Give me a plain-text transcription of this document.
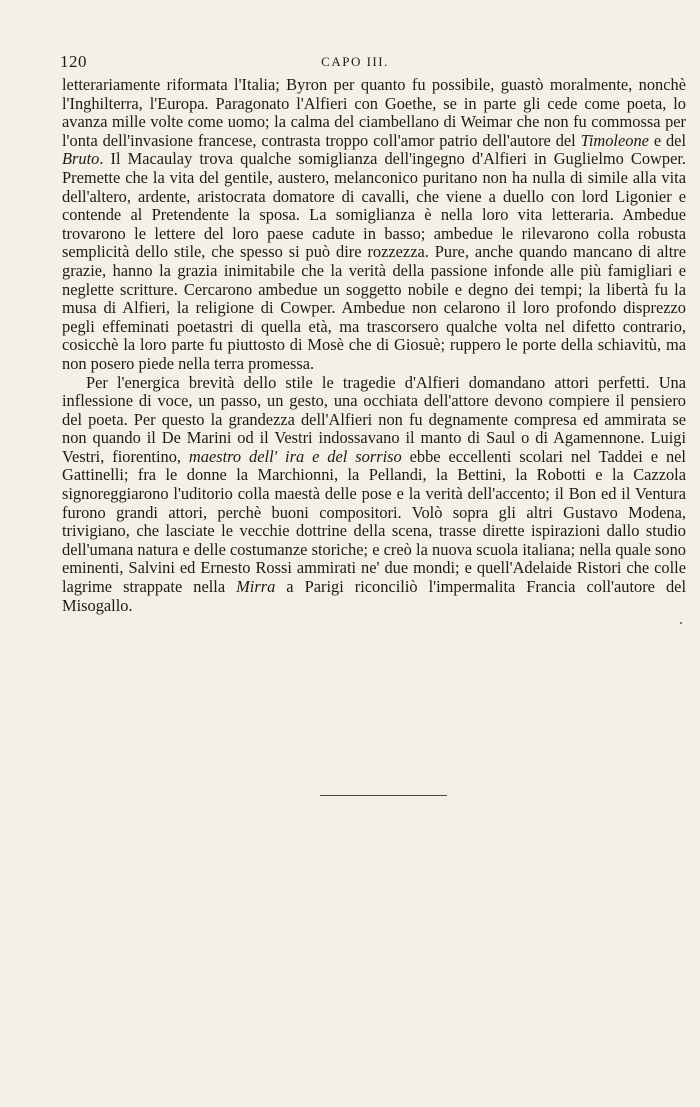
120	CAPO III.

letterariamente riformata l'Italia; Byron per quanto fu possibile, guastò moralmente, nonchè l'Inghilterra, l'Europa. Paragonato l'Alfieri con Goethe, se in parte gli cede come poeta, lo avanza mille volte come uomo; la calma del ciambellano di Weimar che non fu commossa per l'onta dell'invasione francese, contrasta troppo coll'amor patrio dell'autore del Timoleone e del Bruto. Il Macaulay trova qualche somiglianza dell'ingegno d'Alfieri in Guglielmo Cowper. Premette che la vita del gentile, austero, melanconico puritano non ha nulla di simile alla vita dell'altero, ardente, aristocrata domatore di cavalli, che viene a duello con lord Ligonier e contende al Pretendente la sposa. La somiglianza è nella loro vita letteraria. Ambedue trovarono le lettere del loro paese cadute in basso; ambedue le rilevarono colla robusta semplicità dello stile, che spesso si può dire rozzezza. Pure, anche quando mancano di altre grazie, hanno la grazia inimitabile che la verità della passione infonde alle più famigliari e neglette scritture. Cercarono ambedue un soggetto nobile e degno dei tempi; la libertà fu la musa di Alfieri, la religione di Cowper. Ambedue non celarono il loro profondo disprezzo pegli effeminati poetastri di quella età, ma trascorsero qualche volta nel difetto contrario, cosicchè la loro parte fu piuttosto di Mosè che di Giosuè; ruppero le porte della schiavitù, ma non posero piede nella terra promessa.

Per l'energica brevità dello stile le tragedie d'Alfieri domandano attori perfetti. Una inflessione di voce, un passo, un gesto, una occhiata dell'attore devono compiere il pensiero del poeta. Per questo la grandezza dell'Alfieri non fu degnamente compresa ed ammirata se non quando il De Marini od il Vestri indossavano il manto di Saul o di Agamennone. Luigi Vestri, fiorentino, maestro dell' ira e del sorriso ebbe eccellenti scolari nel Taddei e nel Gattinelli; fra le donne la Marchionni, la Pellandi, la Bettini, la Robotti e la Cazzola signoreggiarono l'uditorio colla maestà delle pose e la verità dell'accento; il Bon ed il Ventura furono grandi attori, perchè buoni compositori. Volò sopra gli altri Gustavo Modena, trivigiano, che lasciate le vecchie dottrine della scena, trasse dirette ispirazioni dallo studio dell'umana natura e delle costumanze storiche; e creò la nuova scuola italiana; nella quale sono eminenti, Salvini ed Ernesto Rossi ammirati ne' due mondi; e quell'Adelaide Ristori che colle lagrime strappate nella Mirra a Parigi riconciliò l'impermalita Francia coll'autore del Misogallo.
